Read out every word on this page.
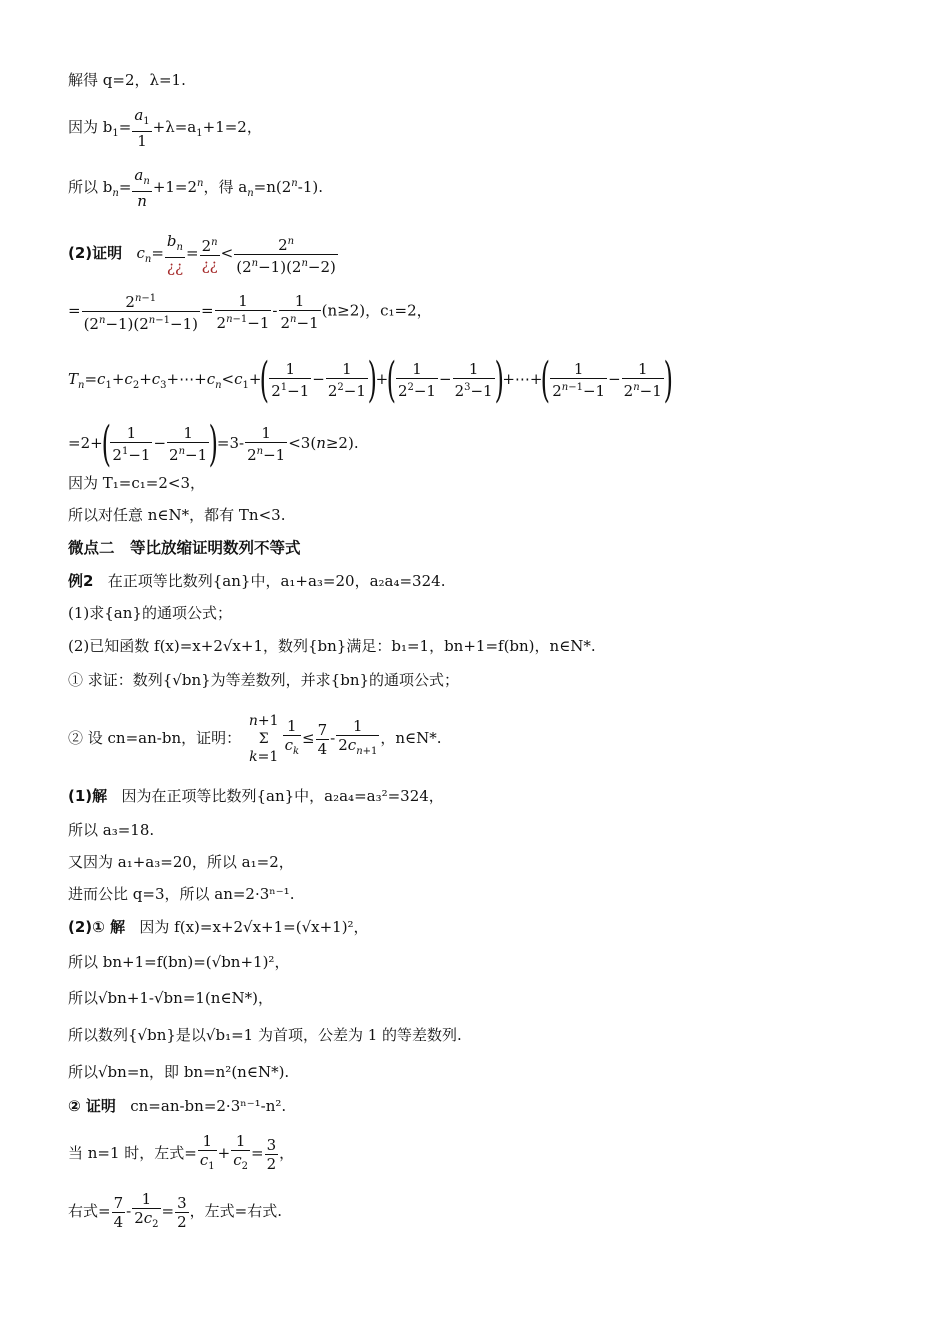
解得 q=2，λ=1.
因为 $b_1= \frac{a_1}{1} +\lambda=a_1+1=2$，
所以 $b_n= \frac{a_n}{n} +1=2^n$，得 $a_n=n(2^n-1)$.
(2)证明 $c_n= \frac{b_n}{¿¿} = \frac{2^n}{¿¿} < \frac{2^n}{(2^n-1)(2^n-2)}$
= $\frac{2^{n-1}}{(2^n-1)(2^{n-1}-1)} = \frac{1}{2^{n-1}-1} - \frac{1}{2^n-1} (n\ge 2)$，c₁=2，
$T_n=c_1+c_2+c_3+\cdots+c_n<c_1+( \frac{1}{2^1-1} - \frac{1}{2^2-1}$ )+( $\frac{1}{2^2-1} - \frac{1}{2^3-1}$ )+⋯+( $\frac{1}{2^{n-1}-1} - \frac{1}{2^n-1}$ )
$=2+( \frac{1}{2^1-1} - \frac{1}{2^n-1} )=3- \frac{1}{2^n-1} <3(n\ge 2)$.
因为 T₁=c₁=2<3，
所以对任意 n∈N*，都有 Tn<3.
微点二　等比放缩证明数列不等式
例2 在正项等比数列{an}中，a₁+a₃=20，a₂a₄=324.
(1)求{an}的通项公式；
(2)已知函数 f(x)=x+2√x+1，数列{bn}满足：b₁=1，bn+1=f(bn)，n∈N*.
① 求证：数列{√bn}为等差数列，并求{bn}的通项公式；
② 设 cn=an-bn，证明：
n+1
Σ
$k=1 \frac{1}{c_k} \le \frac{7}{4} - \frac{1}{2c_{n+1}}$ ，n∈N*.
(1)解 因为在正项等比数列{an}中，a₂a₄=a₃²=324，
所以 a₃=18.
又因为 a₁+a₃=20，所以 a₁=2，
进而公比 q=3，所以 an=2·3ⁿ⁻¹.
(2)① 解 因为 f(x)=x+2√x+1=(√x+1)²，
所以 bn+1=f(bn)=(√bn+1)²，
所以√bn+1-√bn=1(n∈N*)，
所以数列{√bn}是以√b₁=1 为首项，公差为 1 的等差数列.
所以√bn=n，即 bn=n²(n∈N*).
② 证明 cn=an-bn=2·3ⁿ⁻¹-n².
当 n=1 时，左式= $\frac{1}{c_1} + \frac{1}{c_2} = \frac{3}{2}$ ，
右式= $\frac{7}{4} - \frac{1}{2c_2} = \frac{3}{2}$ ，左式=右式.
